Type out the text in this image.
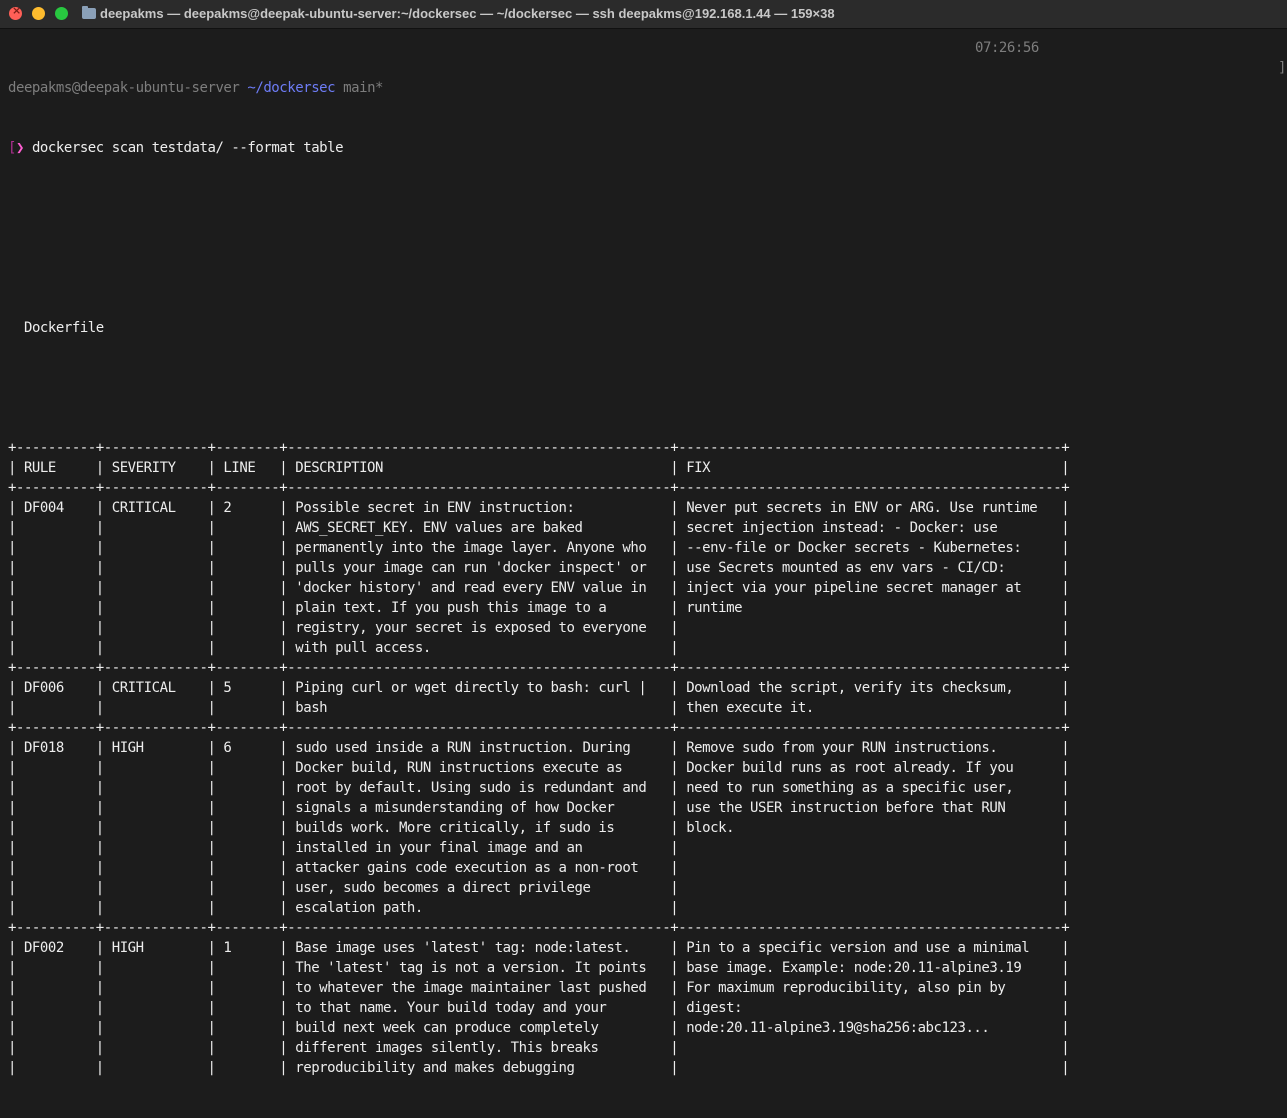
×
deepakms — deepakms@deepak-ubuntu-server:~/dockersec — ~/dockersec — ssh deepakms@192.168.1.44 — 159×38
07:26:56
]

deepakms@deepak-ubuntu-server ~/dockersec main*

[❯ dockersec scan testdata/ --format table

Dockerfile

+----------+-------------+--------+------------------------------------------------+------------------------------------------------+
| RULE     | SEVERITY    | LINE   | DESCRIPTION                                    | FIX                                            |
+----------+-------------+--------+------------------------------------------------+------------------------------------------------+
| DF004    | CRITICAL    | 2      | Possible secret in ENV instruction:            | Never put secrets in ENV or ARG. Use runtime   |
|          |             |        | AWS_SECRET_KEY. ENV values are baked           | secret injection instead: - Docker: use        |
|          |             |        | permanently into the image layer. Anyone who   | --env-file or Docker secrets - Kubernetes:     |
|          |             |        | pulls your image can run 'docker inspect' or   | use Secrets mounted as env vars - CI/CD:       |
|          |             |        | 'docker history' and read every ENV value in   | inject via your pipeline secret manager at     |
|          |             |        | plain text. If you push this image to a        | runtime                                        |
|          |             |        | registry, your secret is exposed to everyone   |                                                |
|          |             |        | with pull access.                              |                                                |
+----------+-------------+--------+------------------------------------------------+------------------------------------------------+
| DF006    | CRITICAL    | 5      | Piping curl or wget directly to bash: curl |   | Download the script, verify its checksum,      |
|          |             |        | bash                                           | then execute it.                               |
+----------+-------------+--------+------------------------------------------------+------------------------------------------------+
| DF018    | HIGH        | 6      | sudo used inside a RUN instruction. During     | Remove sudo from your RUN instructions.        |
|          |             |        | Docker build, RUN instructions execute as      | Docker build runs as root already. If you      |
|          |             |        | root by default. Using sudo is redundant and   | need to run something as a specific user,      |
|          |             |        | signals a misunderstanding of how Docker       | use the USER instruction before that RUN       |
|          |             |        | builds work. More critically, if sudo is       | block.                                         |
|          |             |        | installed in your final image and an           |                                                |
|          |             |        | attacker gains code execution as a non-root    |                                                |
|          |             |        | user, sudo becomes a direct privilege          |                                                |
|          |             |        | escalation path.                               |                                                |
+----------+-------------+--------+------------------------------------------------+------------------------------------------------+
| DF002    | HIGH        | 1      | Base image uses 'latest' tag: node:latest.     | Pin to a specific version and use a minimal    |
|          |             |        | The 'latest' tag is not a version. It points   | base image. Example: node:20.11-alpine3.19     |
|          |             |        | to whatever the image maintainer last pushed   | For maximum reproducibility, also pin by       |
|          |             |        | to that name. Your build today and your        | digest:                                        |
|          |             |        | build next week can produce completely         | node:20.11-alpine3.19@sha256:abc123...         |
|          |             |        | different images silently. This breaks         |                                                |
|          |             |        | reproducibility and makes debugging            |                                                |
